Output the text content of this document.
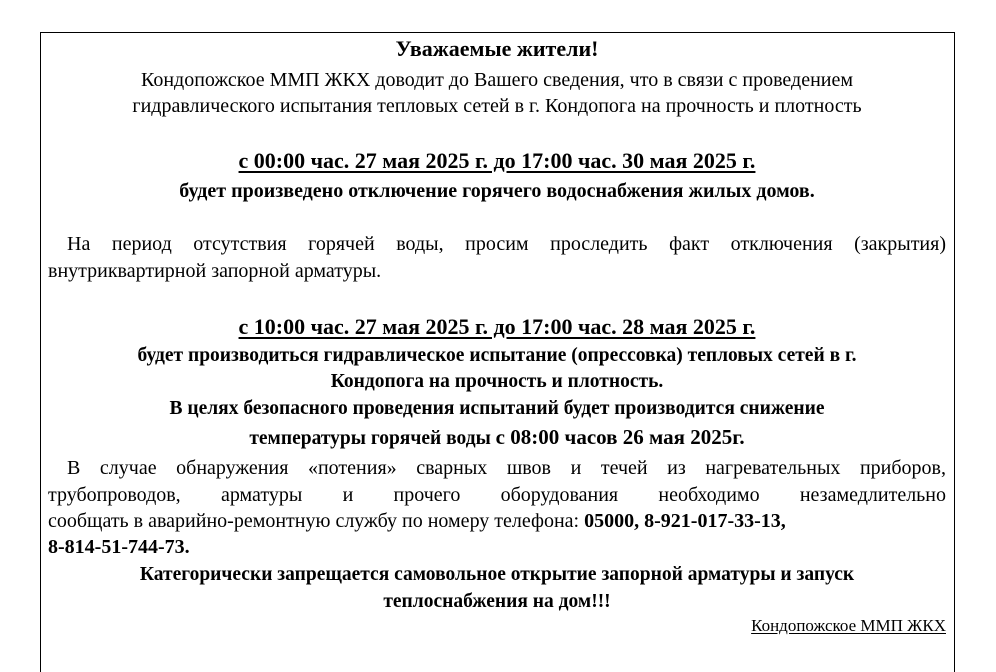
Уважаемые жители!
Кондопожское ММП ЖКХ доводит до Вашего сведения, что в связи с проведением
гидравлического испытания тепловых сетей в г. Кондопога на прочность и плотность
с 00:00 час. 27 мая 2025 г. до 17:00 час. 30 мая 2025 г.
будет произведено отключение горячего водоснабжения жилых домов.
На период отсутствия горячей воды, просим проследить факт отключения (закрытия)
внутриквартирной запорной арматуры.
с 10:00 час. 27 мая 2025 г. до 17:00 час. 28 мая 2025 г.
будет производиться гидравлическое испытание (опрессовка) тепловых сетей в г.
Кондопога на прочность и плотность.
В целях безопасного проведения испытаний будет производится снижение
температуры горячей воды с 08:00 часов 26 мая 2025г.
В случае обнаружения «потения» сварных швов и течей из нагревательных приборов,
трубопроводов, арматуры и прочего оборудования необходимо незамедлительно
сообщать в аварийно-ремонтную службу по номеру телефона: 05000, 8-921-017-33-13,
8-814-51-744-73.
Категорически запрещается самовольное открытие запорной арматуры и запуск
теплоснабжения на дом!!!
Кондопожское ММП ЖКХ
